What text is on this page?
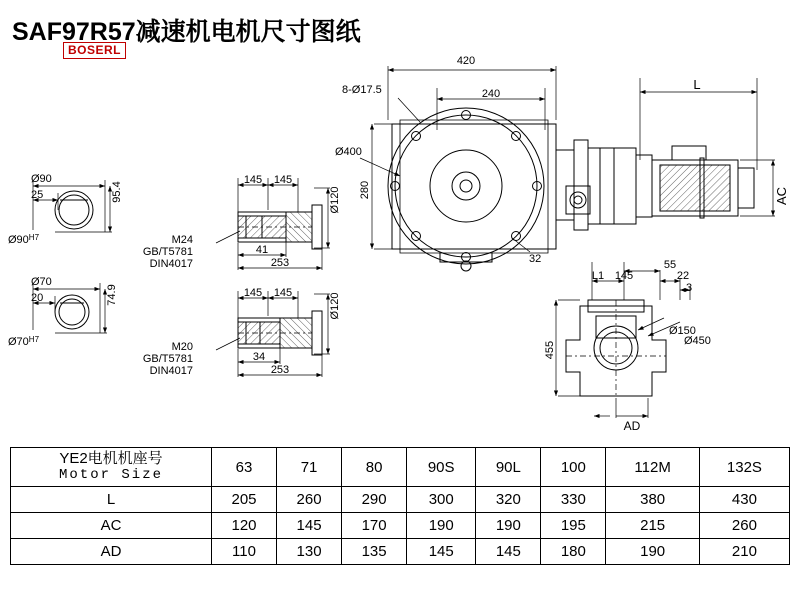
SAF97R57减速机电机尺寸图纸
BOSERL
420
240
8-Ø17.5
Ø400
280
32
L
AC
Ø90
25	95.4
$Ø90^{H7}$
Ø70
20	74.9
$Ø70^{H7}$
145 145
Ø120
M24
GB/T5781
DIN4017
41
253
145 145	Ø120
M20
GB/T5781
DIN4017
34
253
L1 145
55
22
3
455
Ø150
Ø450
AD
YE2电机机座号
Motor Size	63	71	80	90S	90L	100	112M	132S
L	205	260	290	300	320	330	380	430
AC	120	145	170	190	190	195	215	260
AD	110	130	135	145	145	180	190	210
